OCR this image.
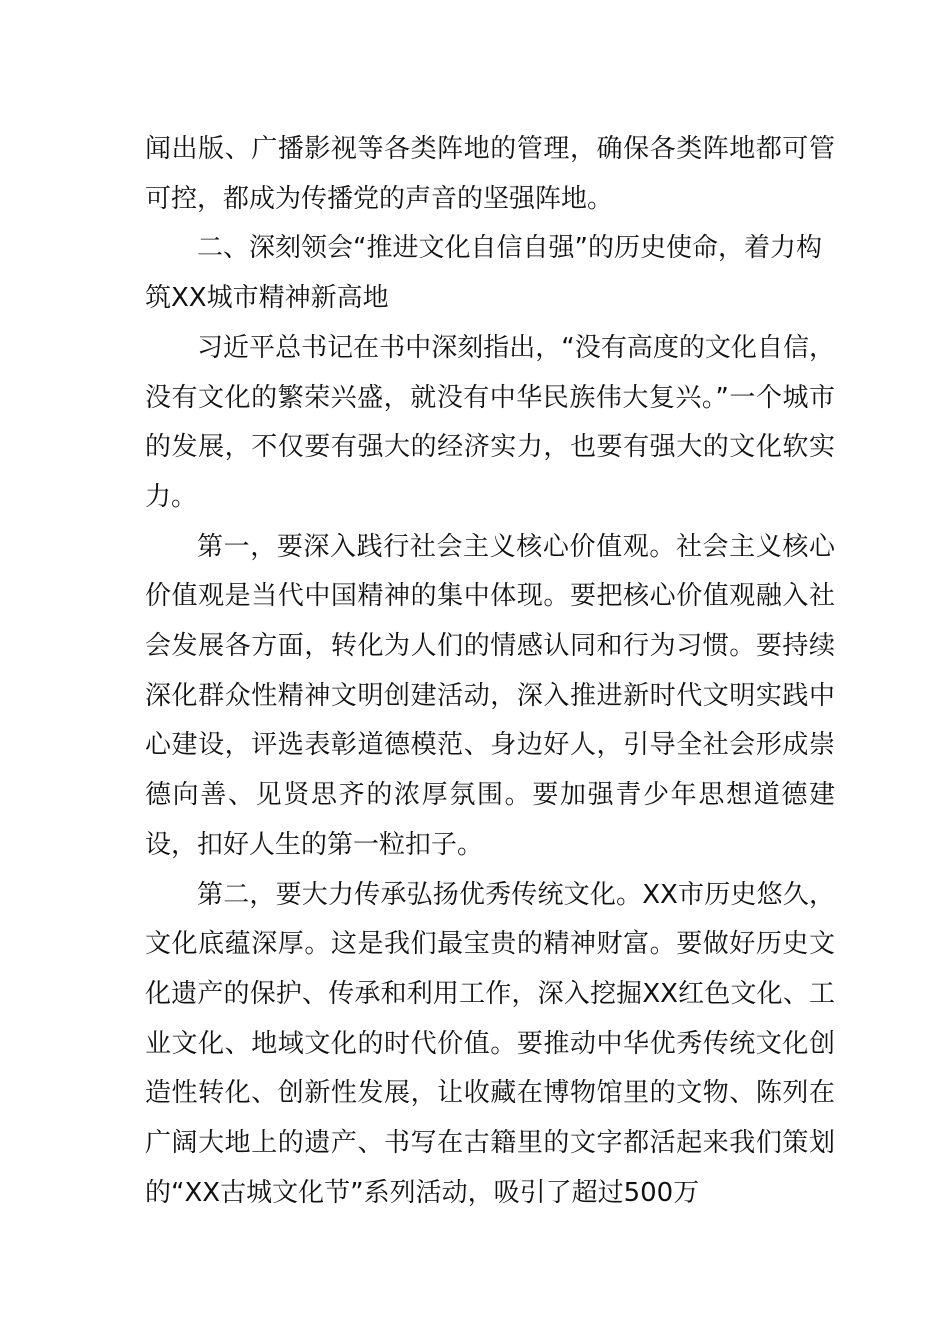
闻出版、广播影视等各类阵地的管理，确保各类阵地都可管可控，都成为传播党的声音的坚强阵地。

二、深刻领会“推进文化自信自强”的历史使命，着力构筑XX城市精神新高地

习近平总书记在书中深刻指出，“没有高度的文化自信，没有文化的繁荣兴盛，就没有中华民族伟大复兴。”一个城市的发展，不仅要有强大的经济实力，也要有强大的文化软实力。

第一，要深入践行社会主义核心价值观。社会主义核心价值观是当代中国精神的集中体现。要把核心价值观融入社会发展各方面，转化为人们的情感认同和行为习惯。要持续深化群众性精神文明创建活动，深入推进新时代文明实践中心建设，评选表彰道德模范、身边好人，引导全社会形成崇德向善、见贤思齐的浓厚氛围。要加强青少年思想道德建设，扣好人生的第一粒扣子。

第二，要大力传承弘扬优秀传统文化。XX市历史悠久，文化底蕴深厚。这是我们最宝贵的精神财富。要做好历史文化遗产的保护、传承和利用工作，深入挖掘XX红色文化、工业文化、地域文化的时代价值。要推动中华优秀传统文化创造性转化、创新性发展，让收藏在博物馆里的文物、陈列在广阔大地上的遗产、书写在古籍里的文字都活起来我们策划的“XX古城文化节”系列活动，吸引了超过500万
